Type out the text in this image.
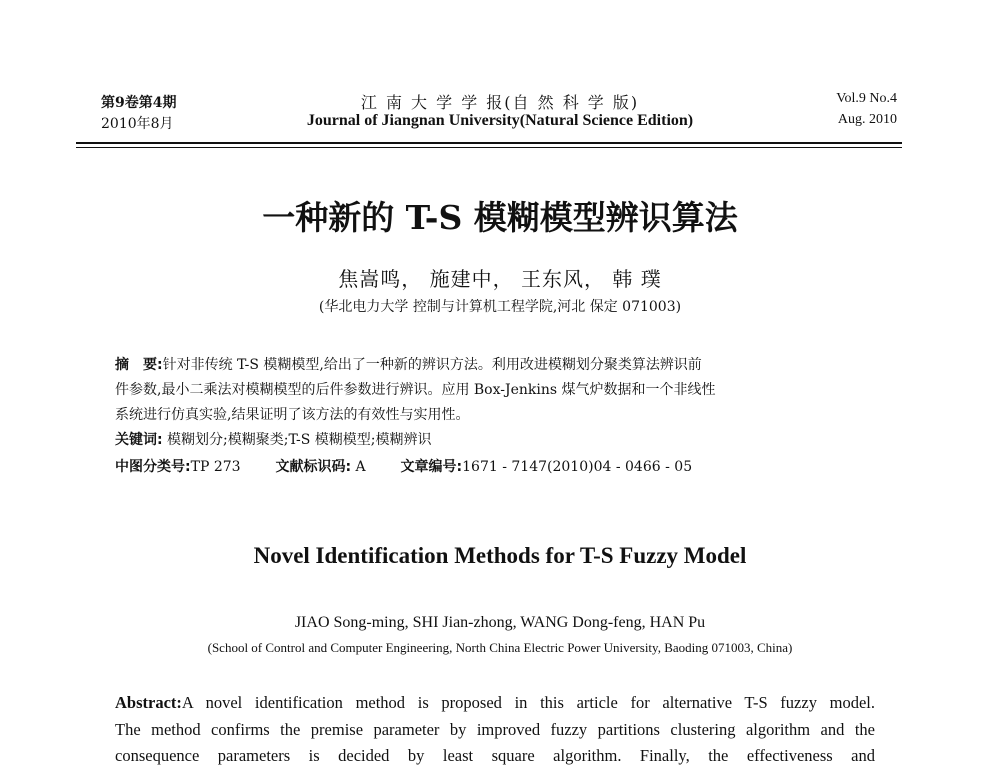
第9卷第4期
2010年8月
江 南 大 学 学 报(自 然 科 学 版)
Journal of Jiangnan University(Natural Science Edition)
Vol.9 No.4
Aug. 2010
一种新的 T-S 模糊模型辨识算法
焦嵩鸣， 施建中， 王东风， 韩 璞
(华北电力大学 控制与计算机工程学院,河北 保定 071003)
摘　要:针对非传统 T-S 模糊模型,给出了一种新的辨识方法。利用改进模糊划分聚类算法辨识前
件参数,最小二乘法对模糊模型的后件参数进行辨识。应用 Box-Jenkins 煤气炉数据和一个非线性
系统进行仿真实验,结果证明了该方法的有效性与实用性。
关键词: 模糊划分;模糊聚类;T-S 模糊模型;模糊辨识
中图分类号:TP 273 文献标识码: A 文章编号:1671 - 7147(2010)04 - 0466 - 05
Novel Identification Methods for T-S Fuzzy Model
JIAO Song-ming, SHI Jian-zhong, WANG Dong-feng, HAN Pu
(School of Control and Computer Engineering, North China Electric Power University, Baoding 071003, China)
Abstract:A novel identification method is proposed in this article for alternative T-S fuzzy model.
The method confirms the premise parameter by improved fuzzy partitions clustering algorithm and the
consequence parameters is decided by least square algorithm. Finally, the effectiveness and
